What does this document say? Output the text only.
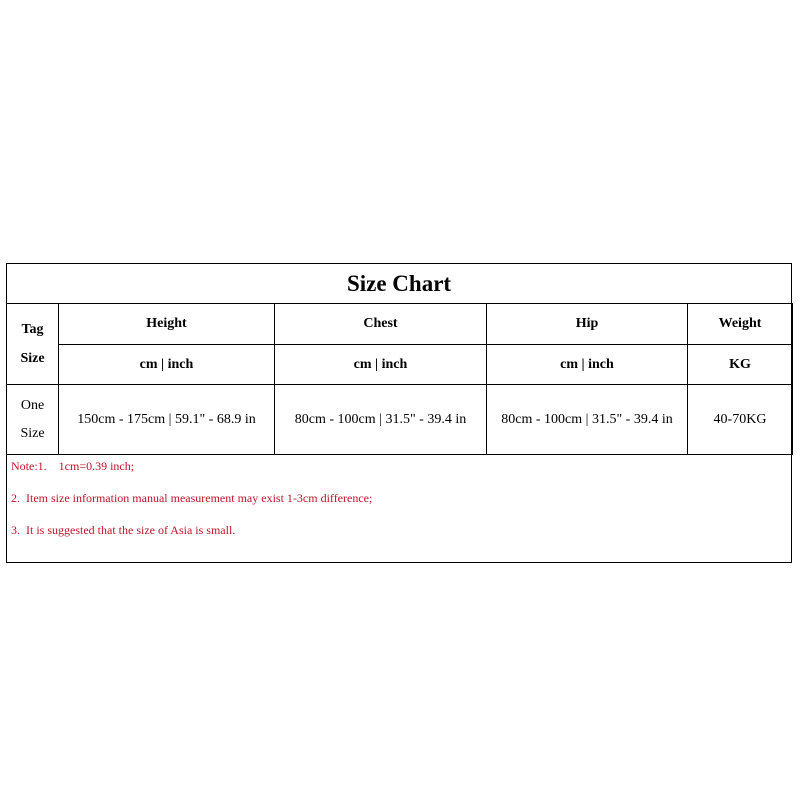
Size Chart
Tag
Size	Height	Chest	Hip	Weight
	cm | inch	cm | inch	cm | inch	KG

One
Size	150cm - 175cm | 59.1" - 68.9 in	80cm - 100cm | 31.5" - 39.4 in	80cm - 100cm | 31.5" - 39.4 in	40-70KG
Note:1.    1cm=0.39 inch;
2.  Item size information manual measurement may exist 1-3cm difference;
3.  It is suggested that the size of Asia is small.
